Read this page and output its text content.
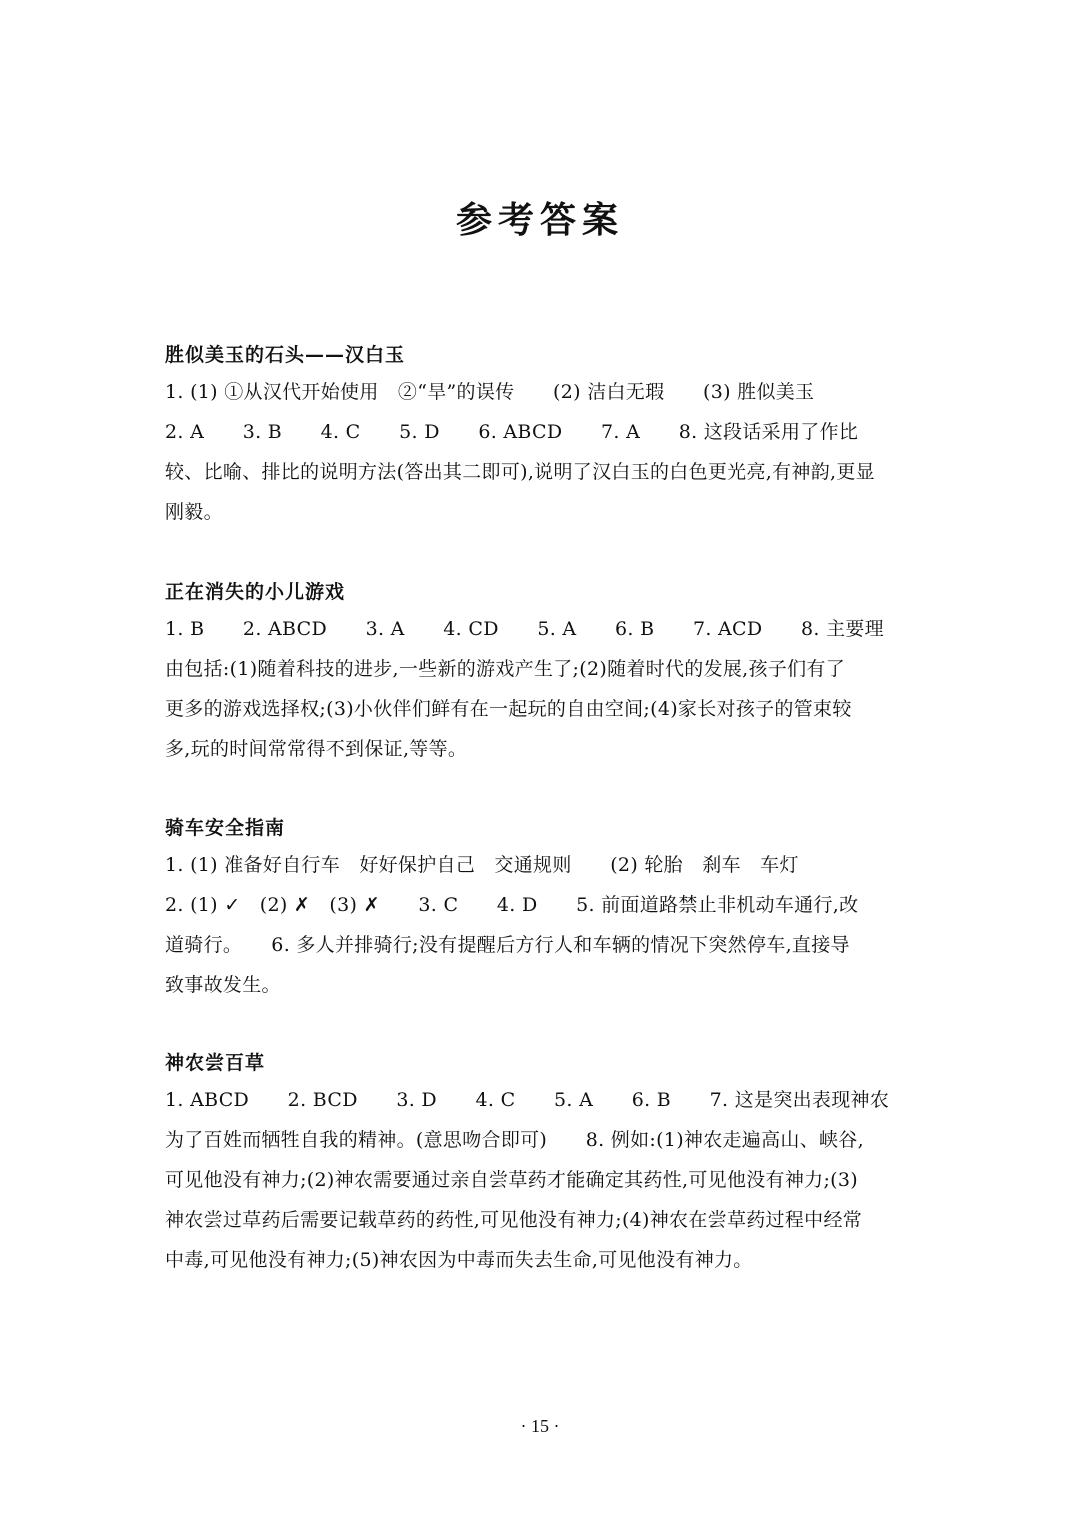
参考答案
胜似美玉的石头——汉白玉
1. (1) ①从汉代开始使用　②“旱”的误传　　(2) 洁白无瑕　　(3) 胜似美玉
2. A　　3. B　　4. C　　5. D　　6. ABCD　　7. A　　8. 这段话采用了作比
较、比喻、排比的说明方法(答出其二即可),说明了汉白玉的白色更光亮,有神韵,更显
刚毅。
正在消失的小儿游戏
1. B　　2. ABCD　　3. A　　4. CD　　5. A　　6. B　　7. ACD　　8. 主要理
由包括:(1)随着科技的进步,一些新的游戏产生了;(2)随着时代的发展,孩子们有了
更多的游戏选择权;(3)小伙伴们鲜有在一起玩的自由空间;(4)家长对孩子的管束较
多,玩的时间常常得不到保证,等等。
骑车安全指南
1. (1) 准备好自行车　好好保护自己　交通规则　　(2) 轮胎　刹车　车灯
2. (1) ✓　(2) ✗　(3) ✗　　3. C　　4. D　　5. 前面道路禁止非机动车通行,改
道骑行。　　6. 多人并排骑行;没有提醒后方行人和车辆的情况下突然停车,直接导
致事故发生。
神农尝百草
1. ABCD　　2. BCD　　3. D　　4. C　　5. A　　6. B　　7. 这是突出表现神农
为了百姓而牺牲自我的精神。(意思吻合即可)　　8. 例如:(1)神农走遍高山、峡谷,
可见他没有神力;(2)神农需要通过亲自尝草药才能确定其药性,可见他没有神力;(3)
神农尝过草药后需要记载草药的药性,可见他没有神力;(4)神农在尝草药过程中经常
中毒,可见他没有神力;(5)神农因为中毒而失去生命,可见他没有神力。
· 15 ·
